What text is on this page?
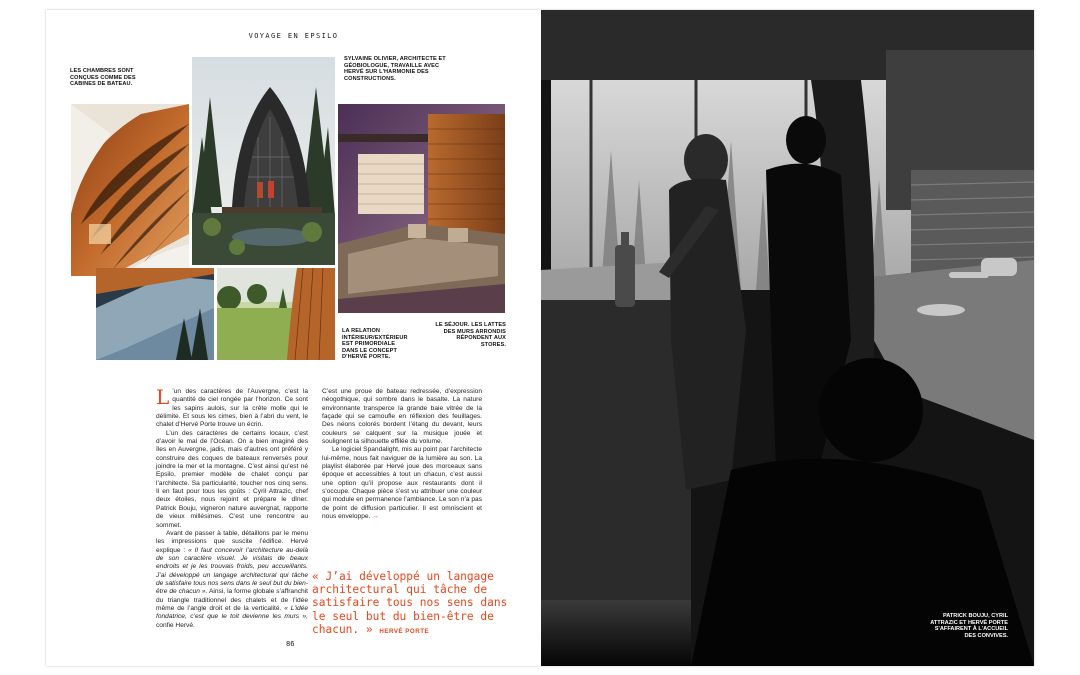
VOYAGE EN EPSILO
LES CHAMBRES SONT CONÇUES COMME DES CABINES DE BATEAU.
SYLVAINE OLIVIER, ARCHITECTE ET GÉOBIOLOGUE, TRAVAILLE AVEC HERVÉ SUR L'HARMONIE DES CONSTRUCTIONS.
LA RELATION INTÉRIEUR/EXTÉRIEUR EST PRIMORDIALE DANS LE CONCEPT D'HERVÉ PORTE.
LE SÉJOUR. LES LATTES DES MURS ARRONDIS RÉPONDENT AUX STORES.

L ’un des caractères de l’Auvergne, c’est la quantité de ciel rongée par l’horizon. Ce sont les sapins aulois, sur la crête molle qui le délimite. Et sous les cimes, bien à l’abri du vent, le chalet d’Hervé Porte trouve un écrin.

L’un des caractères de certains locaux, c’est d’avoir le mal de l’Océan. On a bien imaginé des îles en Auvergne, jadis, mais d’autres ont préféré y construire des coques de bateaux renversés pour joindre la mer et la montagne. C’est ainsi qu’est né Epsilo, premier modèle de chalet conçu par l’architecte. Sa particularité, toucher nos cinq sens. Il en faut pour tous les goûts : Cyril Attrazic, chef deux étoiles, nous rejoint et prépare le dîner. Patrick Bouju, vigneron nature auvergnat, rapporte de vieux millésimes. C’est une rencontre au sommet.

Avant de passer à table, détaillons par le menu les impressions que suscite l’édifice. Hervé explique : « Il faut concevoir l’architecture au-delà de son caractère visuel. Je visitais de beaux endroits et je les trouvais froids, peu accueillants. J’ai développé un langage architectural qui tâche de satisfaire tous nos sens dans le seul but du bien-être de chacun ». Ainsi, la forme globale s’affranchit du triangle traditionnel des chalets et de l’idée même de l’angle droit et de la verticalité. « L’idée fondatrice, c’est que le toit devienne les murs », confie Hervé.

C’est une proue de bateau redressée, d’expression néogothique, qui sombre dans le basalte. La nature environnante transperce la grande baie vitrée de la façade qui se camoufle en réflexion des feuillages. Des néons colorés bordent l’étang du devant, leurs couleurs se calquent sur la musique jouée et soulignent la silhouette effilée du volume.

Le logiciel Spandalight, mis au point par l’architecte lui-même, nous fait naviguer de la lumière au son. La playlist élaborée par Hervé joue des morceaux sans époque et accessibles à tout un chacun, c’est aussi une option qu’il propose aux restaurants dont il s’occupe. Chaque pièce s’est vu attribuer une couleur qui module en permanence l’ambiance. Le son n’a pas de point de diffusion particulier. Il est omniscient et nous enveloppe. →

« J’ai développé un langage architectural qui tâche de satisfaire tous nos sens dans le seul but du bien-être de chacun. » HERVÉ PORTE
86
PATRICK BOUJU, CYRIL ATTRAZIC ET HERVÉ PORTE S'AFFAIRENT À L'ACCUEIL DES CONVIVES.
